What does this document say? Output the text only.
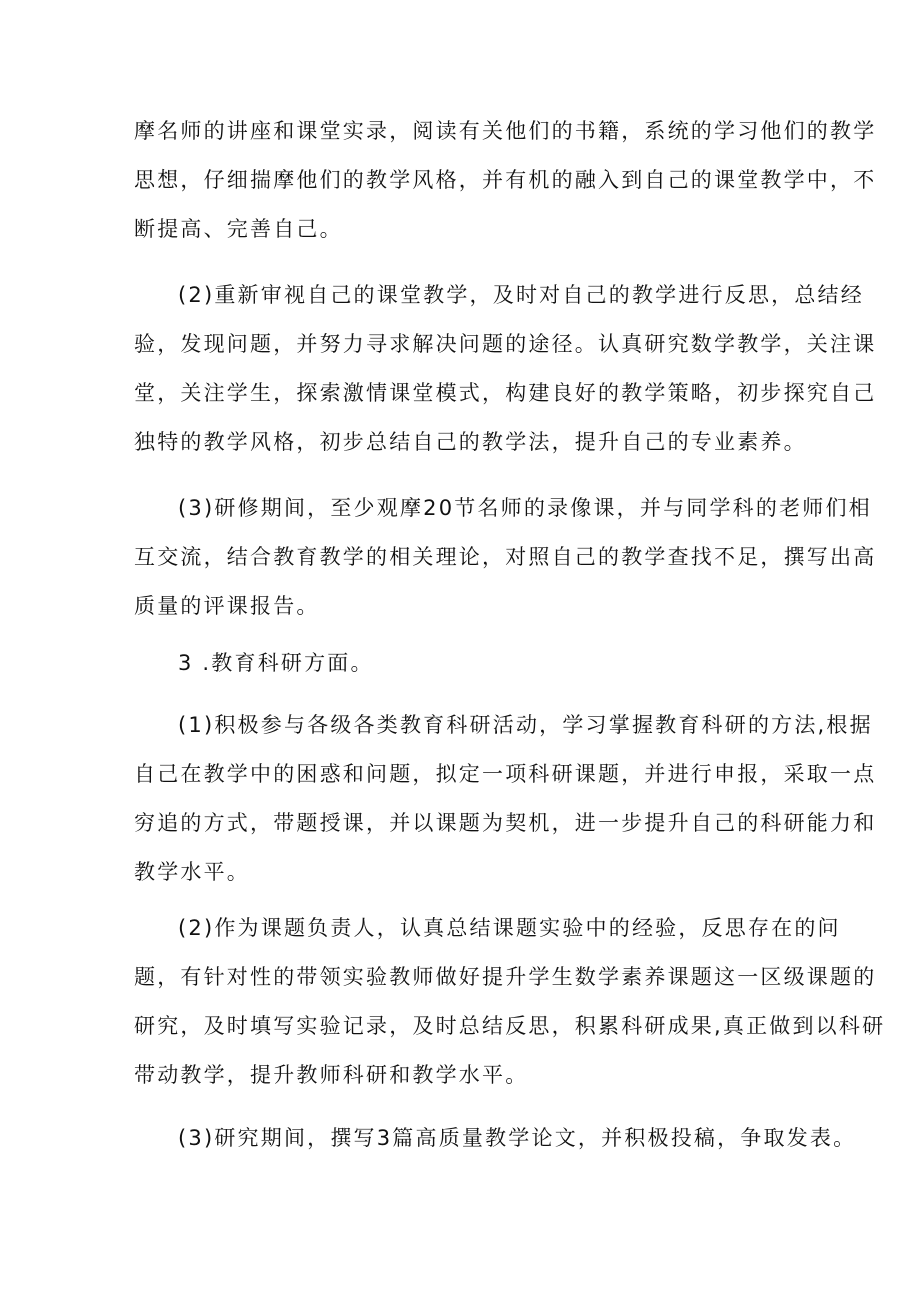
摩名师的讲座和课堂实录，阅读有关他们的书籍，系统的学习他们的教学
思想，仔细揣摩他们的教学风格，并有机的融入到自己的课堂教学中，不
断提高、完善自己。
(2)重新审视自己的课堂教学，及时对自己的教学进行反思，总结经
验，发现问题，并努力寻求解决问题的途径。认真研究数学教学，关注课
堂，关注学生，探索激情课堂模式，构建良好的教学策略，初步探究自己
独特的教学风格，初步总结自己的教学法，提升自己的专业素养。
(3)研修期间，至少观摩20节名师的录像课，并与同学科的老师们相
互交流，结合教育教学的相关理论，对照自己的教学查找不足，撰写出高
质量的评课报告。
3 .教育科研方面。
(1)积极参与各级各类教育科研活动，学习掌握教育科研的方法,根据
自己在教学中的困惑和问题，拟定一项科研课题，并进行申报，采取一点
穷追的方式，带题授课，并以课题为契机，进一步提升自己的科研能力和
教学水平。
(2)作为课题负责人，认真总结课题实验中的经验，反思存在的问
题，有针对性的带领实验教师做好提升学生数学素养课题这一区级课题的
研究，及时填写实验记录，及时总结反思，积累科研成果,真正做到以科研
带动教学，提升教师科研和教学水平。
(3)研究期间，撰写3篇高质量教学论文，并积极投稿，争取发表。
